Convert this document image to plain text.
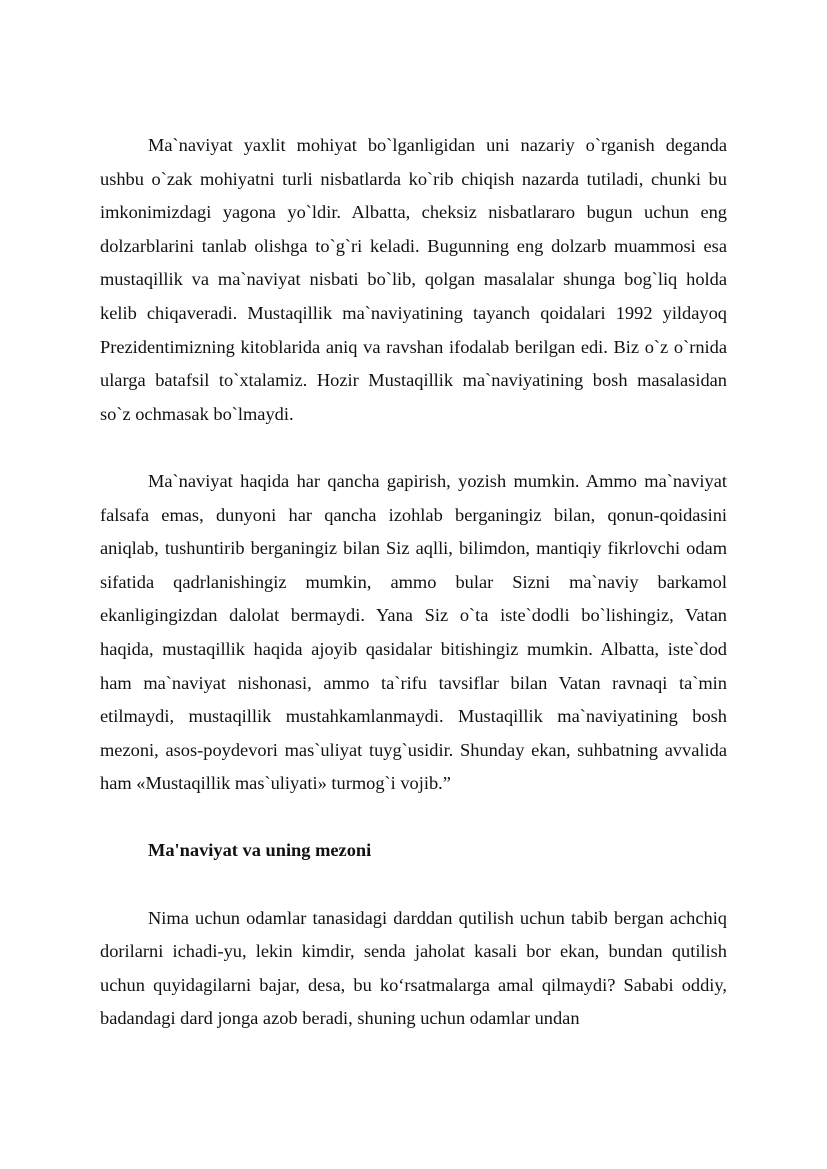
Ma`naviyat yaxlit mohiyat bo`lganligidan uni nazariy o`rganish deganda ushbu o`zak mohiyatni turli nisbatlarda ko`rib chiqish nazarda tutiladi, chunki bu imkonimizdagi yagona yo`ldir. Albatta, cheksiz nisbatlararo bugun uchun eng dolzarblarini tanlab olishga to`g`ri keladi. Bugunning eng dolzarb muammosi esa mustaqillik va ma`naviyat nisbati bo`lib, qolgan masalalar shunga bog`liq holda kelib chiqaveradi. Mustaqillik ma`naviyatining tayanch qoidalari 1992 yildayoq Prezidentimizning kitoblarida aniq va ravshan ifodalab berilgan edi. Biz o`z o`rnida ularga batafsil to`xtalamiz. Hozir Mustaqillik ma`naviyatining bosh masalasidan so`z ochmasak bo`lmaydi.

Ma`naviyat haqida har qancha gapirish, yozish mumkin. Ammo ma`naviyat falsafa emas, dunyoni har qancha izohlab berganingiz bilan, qonun-qoidasini aniqlab, tushuntirib berganingiz bilan Siz aqlli, bilimdon, mantiqiy fikrlovchi odam sifatida qadrlanishingiz mumkin, ammo bular Sizni ma`naviy barkamol ekanligingizdan dalolat bermaydi. Yana Siz o`ta iste`dodli bo`lishingiz, Vatan haqida, mustaqillik haqida ajoyib qasidalar bitishingiz mumkin. Albatta, iste`dod ham ma`naviyat nishonasi, ammo ta`rifu tavsiflar bilan Vatan ravnaqi ta`min etilmaydi, mustaqillik mustahkamlanmaydi. Mustaqillik ma`naviyatining bosh mezoni, asos-poydevori mas`uliyat tuyg`usidir. Shunday ekan, suhbatning avvalida ham «Mustaqillik mas`uliyati» turmog`i vojib.”

Ma'naviyat va uning mezoni

Nima uchun odamlar tanasidagi darddan qutilish uchun tabib bergan achchiq dorilarni ichadi-yu, lekin kimdir, senda jaholat kasali bor ekan, bundan qutilish uchun quyidagilarni bajar, desa, bu ko‘rsatmalarga amal qilmaydi? Sababi oddiy, badandagi dard jonga azob beradi, shuning uchun odamlar undan
